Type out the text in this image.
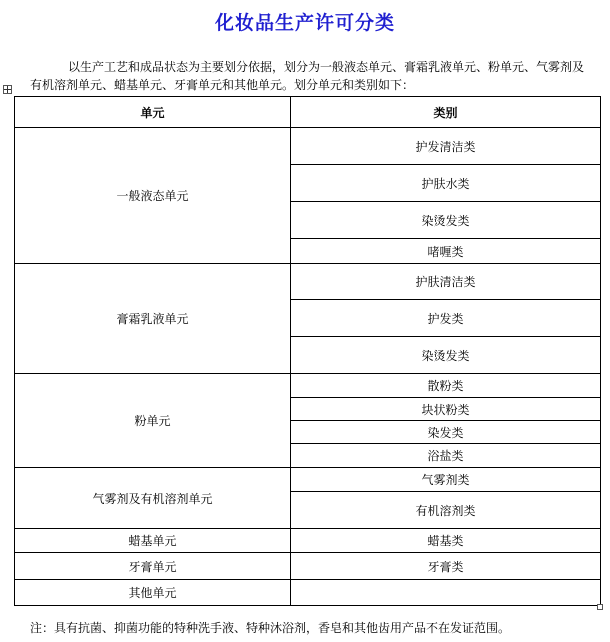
化妆品生产许可分类

以生产工艺和成品状态为主要划分依据，划分为一般液态单元、膏霜乳液单元、粉单元、气雾剂及有机溶剂单元、蜡基单元、牙膏单元和其他单元。划分单元和类别如下：

单元	类别
一般液态单元	护发清洁类
	护肤水类
	染烫发类
	啫喱类
膏霜乳液单元	护肤清洁类
	护发类
	染烫发类
粉单元	散粉类
	块状粉类
	染发类
	浴盐类
气雾剂及有机溶剂单元	气雾剂类
	有机溶剂类
蜡基单元	蜡基类
牙膏单元	牙膏类
其他单元	
注：具有抗菌、抑菌功能的特种洗手液、特种沐浴剂，香皂和其他齿用产品不在发证范围。
